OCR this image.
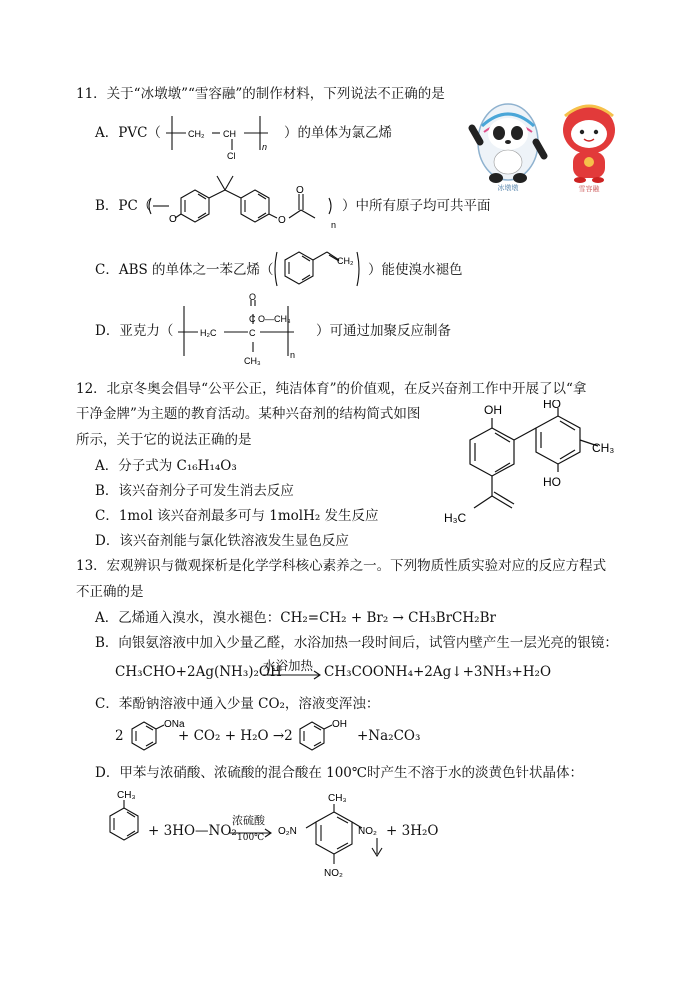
11．关于“冰墩墩”“雪容融”的制作材料，下列说法不正确的是
A．PVC（	CH₂ CH
Cl
n
）的单体为氯乙烯
B．PC（
O	O
O
n
）中所有原子均可共平面
C．ABS 的单体之一苯乙烯（
CH₂
）能使溴水褪色
D．亚克力（
O
C O—CH₃
H₂C	C
CH₃
n
）可通过加聚反应制备
冰墩墩	雪容融
12．北京冬奥会倡导“公平公正，纯洁体育”的价值观，在反兴奋剂工作中开展了以“拿
干净金牌”为主题的教育活动。某种兴奋剂的结构简式如图
所示，关于它的说法正确的是
A．分子式为 C₁₆H₁₄O₃
B．该兴奋剂分子可发生消去反应
C．1mol 该兴奋剂最多可与 1molH₂ 发生反应
D．该兴奋剂能与氯化铁溶液发生显色反应
OH	HO
HO
CH₃
H₃C
13．宏观辨识与微观探析是化学学科核心素养之一。下列物质性质实验对应的反应方程式
不正确的是
A．乙烯通入溴水，溴水褪色：CH₂=CH₂ + Br₂ → CH₃BrCH₂Br
B．向银氨溶液中加入少量乙醛，水浴加热一段时间后，试管内壁产生一层光亮的银镜：
CH₃CHO+2Ag(NH₃)₂OH
水浴加热 CH₃COONH₄+2Ag↓+3NH₃+H₂O
C．苯酚钠溶液中通入少量 CO₂，溶液变浑浊：
2
ONa
+ CO₂ + H₂O →2
OH
+Na₂CO₃
D．甲苯与浓硝酸、浓硫酸的混合酸在 100℃时产生不溶于水的淡黄色针状晶体：
CH₃
+ 3HO—NO₂
浓硫酸
100℃
CH₃
O₂N	NO₂
NO₂
+ 3H₂O
